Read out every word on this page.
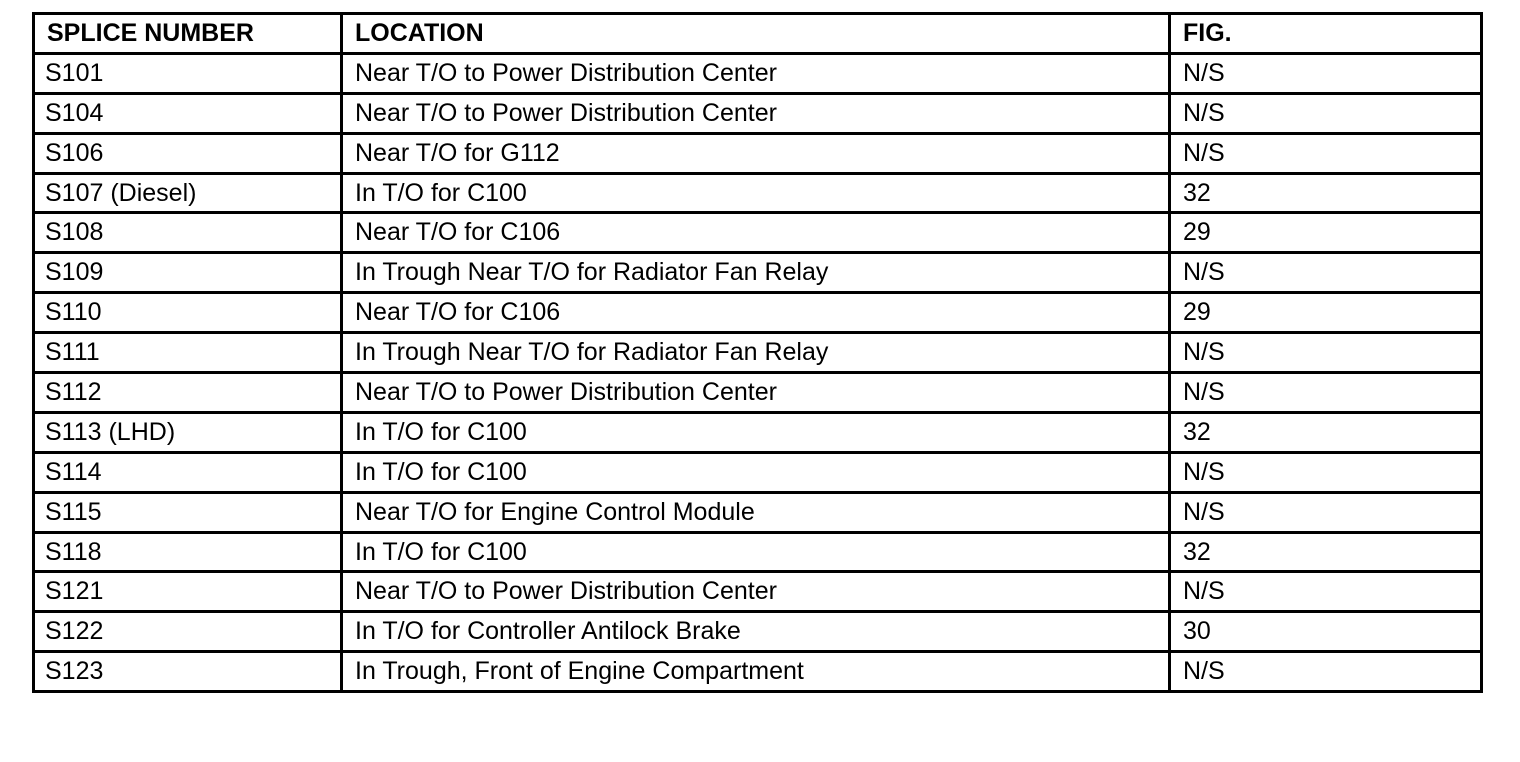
SPLICE NUMBER	LOCATION	FIG.
S101	Near T/O to Power Distribution Center	N/S
S104	Near T/O to Power Distribution Center	N/S
S106	Near T/O for G112	N/S
S107 (Diesel)	In T/O for C100	32
S108	Near T/O for C106	29
S109	In Trough Near T/O for Radiator Fan Relay	N/S
S110	Near T/O for C106	29
S111	In Trough Near T/O for Radiator Fan Relay	N/S
S112	Near T/O to Power Distribution Center	N/S
S113 (LHD)	In T/O for C100	32
S114	In T/O for C100	N/S
S115	Near T/O for Engine Control Module	N/S
S118	In T/O for C100	32
S121	Near T/O to Power Distribution Center	N/S
S122	In T/O for Controller Antilock Brake	30
S123	In Trough, Front of Engine Compartment	N/S
